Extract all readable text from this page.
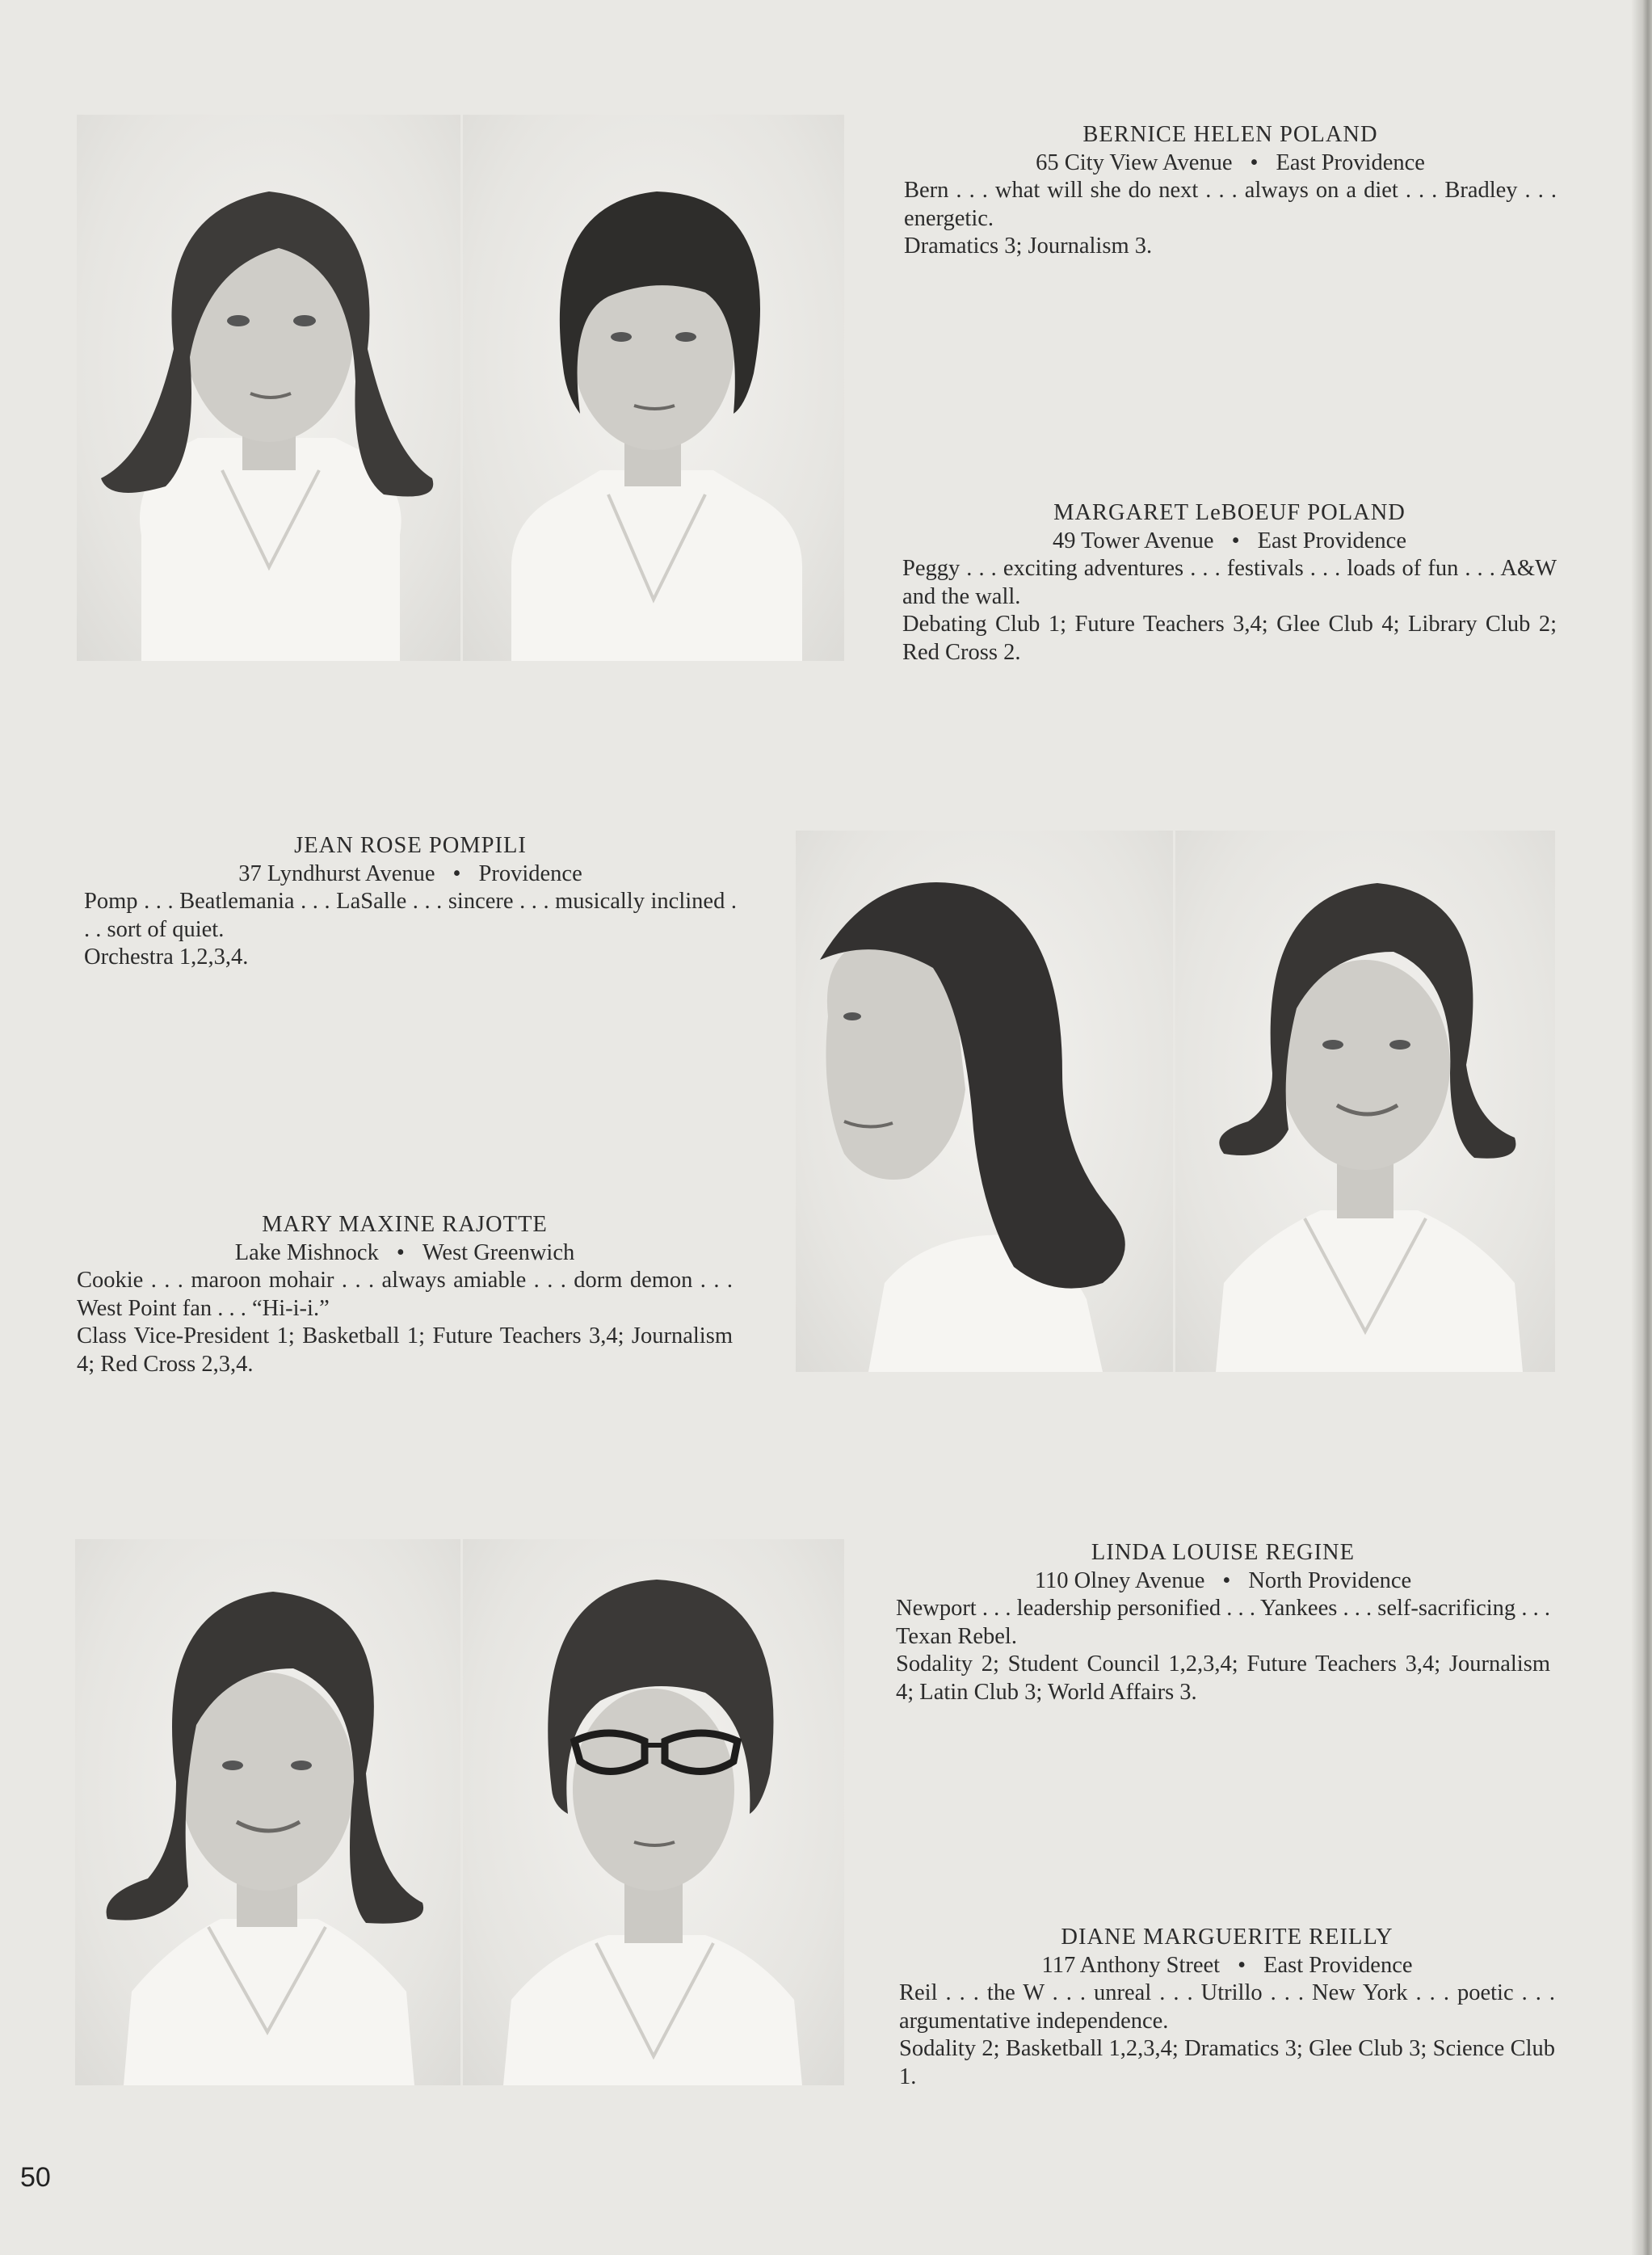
BERNICE HELEN POLAND
65 City View Avenue • East Providence
Bern . . . what will she do next . . . always on a diet . . . Bradley . . . energetic.
Dramatics 3; Journalism 3.
MARGARET LeBOEUF POLAND
49 Tower Avenue • East Providence
Peggy . . . exciting adventures . . . festivals . . . loads of fun . . . A&W and the wall.
Debating Club 1; Future Teachers 3,4; Glee Club 4; Library Club 2; Red Cross 2.
JEAN ROSE POMPILI
37 Lyndhurst Avenue • Providence
Pomp . . . Beatlemania . . . LaSalle . . . sincere . . . musically inclined . . . sort of quiet.
Orchestra 1,2,3,4.
MARY MAXINE RAJOTTE
Lake Mishnock • West Greenwich
Cookie . . . maroon mohair . . . always amiable . . . dorm demon . . . West Point fan . . . “Hi-i-i.”
Class Vice-President 1; Basketball 1; Future Teachers 3,4; Journalism 4; Red Cross 2,3,4.
LINDA LOUISE REGINE
110 Olney Avenue • North Providence
Newport . . . leadership personified . . . Yankees . . . self-sacrificing . . . Texan Rebel.
Sodality 2; Student Council 1,2,3,4; Future Teachers 3,4; Journalism 4; Latin Club 3; World Affairs 3.
DIANE MARGUERITE REILLY
117 Anthony Street • East Providence
Reil . . . the W . . . unreal . . . Utrillo . . . New York . . . poetic . . . argumentative independence.
Sodality 2; Basketball 1,2,3,4; Dramatics 3; Glee Club 3; Science Club 1.
50
